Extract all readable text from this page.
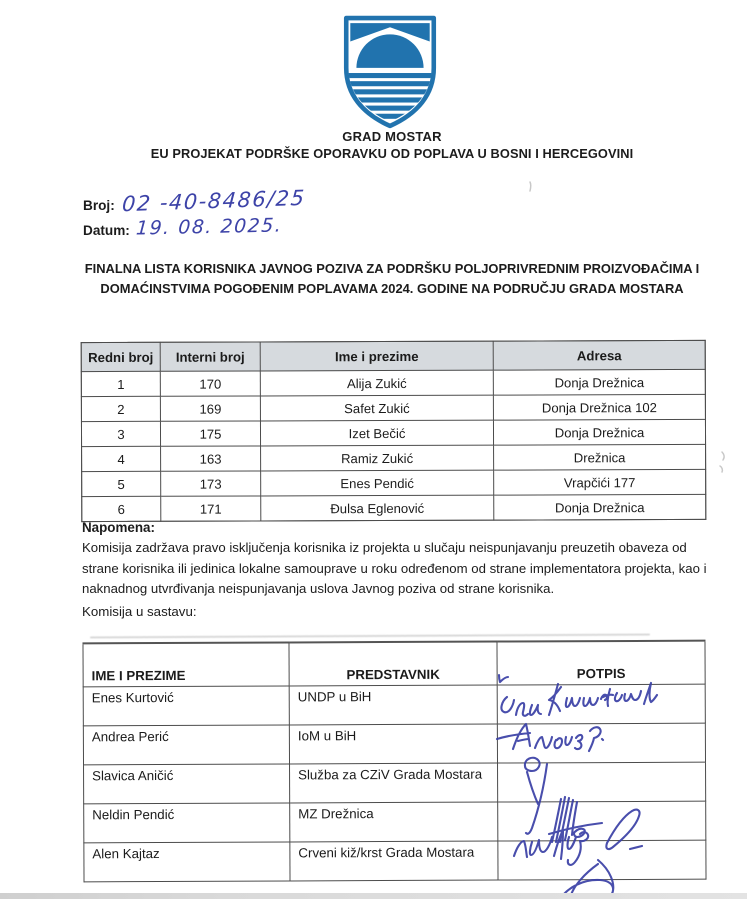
GRAD MOSTAR
EU PROJEKAT PODRŠKE OPORAVKU OD POPLAVA U BOSNI I HERCEGOVINI
Broj: 02 -40-8486/25
Datum: 19. 08. 2025.
FINALNA LISTA KORISNIKA JAVNOG POZIVA ZA PODRŠKU POLJOPRIVREDNIM PROIZVOĐAČIMA I
DOMAĆINSTVIMA POGOĐENIM POPLAVAMA 2024. GODINE NA PODRUČJU GRADA MOSTARA
Redni broj	Interni broj	Ime i prezime	Adresa
1	170	Alija Zukić	Donja Drežnica
2	169	Safet Zukić	Donja Drežnica 102
3	175	Izet Bečić	Donja Drežnica
4	163	Ramiz Zukić	Drežnica
5	173	Enes Pendić	Vrapčići 177
6	171	Đulsa Eglenović	Donja Drežnica
Napomena:
Komisija zadržava pravo isključenja korisnika iz projekta u slučaju neispunjavanju preuzetih obaveza od strane korisnika ili jedinica lokalne samouprave u roku određenom od strane implementatora projekta, kao i naknadnog utvrđivanja neispunjavanja uslova Javnog poziva od strane korisnika.
Komisija u sastavu:
IME I PREZIME	PREDSTAVNIK	POTPIS
Enes Kurtović	UNDP u BiH	
Andrea Perić	IoM u BiH	
Slavica Aničić	Služba za CZiV Grada Mostara	
Neldin Pendić	MZ Drežnica	
Alen Kajtaz	Crveni kiž/krst Grada Mostara	
